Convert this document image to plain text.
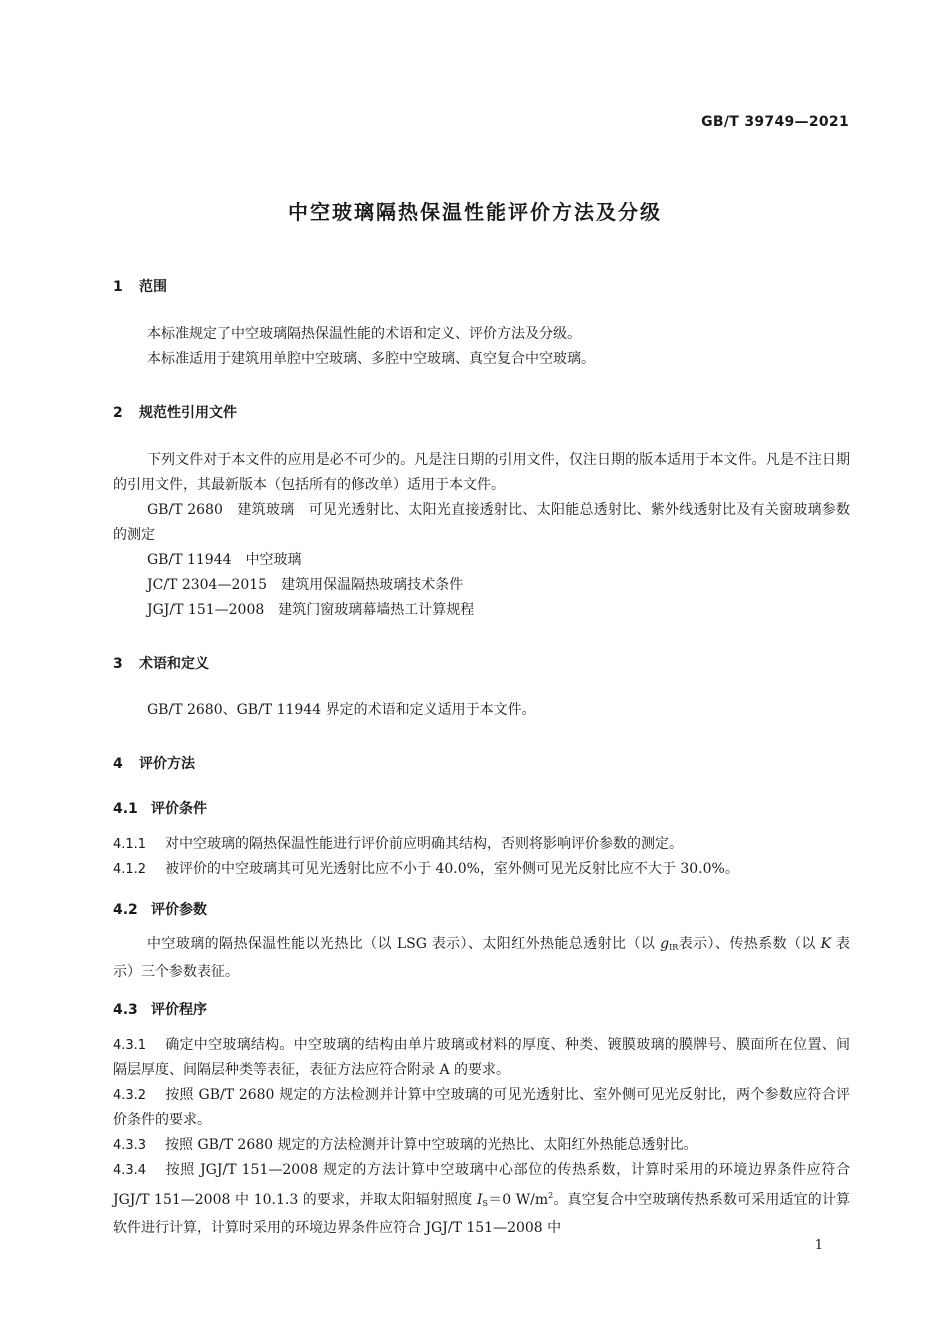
GB/T 39749—2021
中空玻璃隔热保温性能评价方法及分级
1 范围
本标准规定了中空玻璃隔热保温性能的术语和定义、评价方法及分级。
本标准适用于建筑用单腔中空玻璃、多腔中空玻璃、真空复合中空玻璃。
2 规范性引用文件
下列文件对于本文件的应用是必不可少的。凡是注日期的引用文件，仅注日期的版本适用于本文件。凡是不注日期的引用文件，其最新版本（包括所有的修改单）适用于本文件。
GB/T 2680　 建筑玻璃　可见光透射比、太阳光直接透射比、太阳能总透射比、紫外线透射比及有关窗玻璃参数的测定
GB/T 11944　 中空玻璃
JC/T 2304—2015　 建筑用保温隔热玻璃技术条件
JGJ/T 151—2008　 建筑门窗玻璃幕墙热工计算规程
3 术语和定义
GB/T 2680、GB/T 11944 界定的术语和定义适用于本文件。
4 评价方法
4.1 评价条件
4.1.1 对中空玻璃的隔热保温性能进行评价前应明确其结构，否则将影响评价参数的测定。
4.1.2 被评价的中空玻璃其可见光透射比应不小于 40.0%，室外侧可见光反射比应不大于 30.0%。
4.2 评价参数
中空玻璃的隔热保温性能以光热比（以 LSG 表示）、太阳红外热能总透射比（以 $g_{IR}$表示）、传热系数（以 K 表示）三个参数表征。
4.3 评价程序
4.3.1 确定中空玻璃结构。中空玻璃的结构由单片玻璃或材料的厚度、种类、镀膜玻璃的膜牌号、膜面所在位置、间隔层厚度、间隔层种类等表征，表征方法应符合附录 A 的要求。
4.3.2 按照 GB/T 2680 规定的方法检测并计算中空玻璃的可见光透射比、室外侧可见光反射比，两个参数应符合评价条件的要求。
4.3.3 按照 GB/T 2680 规定的方法检测并计算中空玻璃的光热比、太阳红外热能总透射比。
4.3.4 按照 JGJ/T 151—2008 规定的方法计算中空玻璃中心部位的传热系数，计算时采用的环境边界条件应符合 JGJ/T 151—2008 中 10.1.3 的要求，并取太阳辐射照度 $I_S=0$ $W/m^2$。真空复合中空玻璃传热系数可采用适宜的计算软件进行计算，计算时采用的环境边界条件应符合 JGJ/T 151—2008 中
1
